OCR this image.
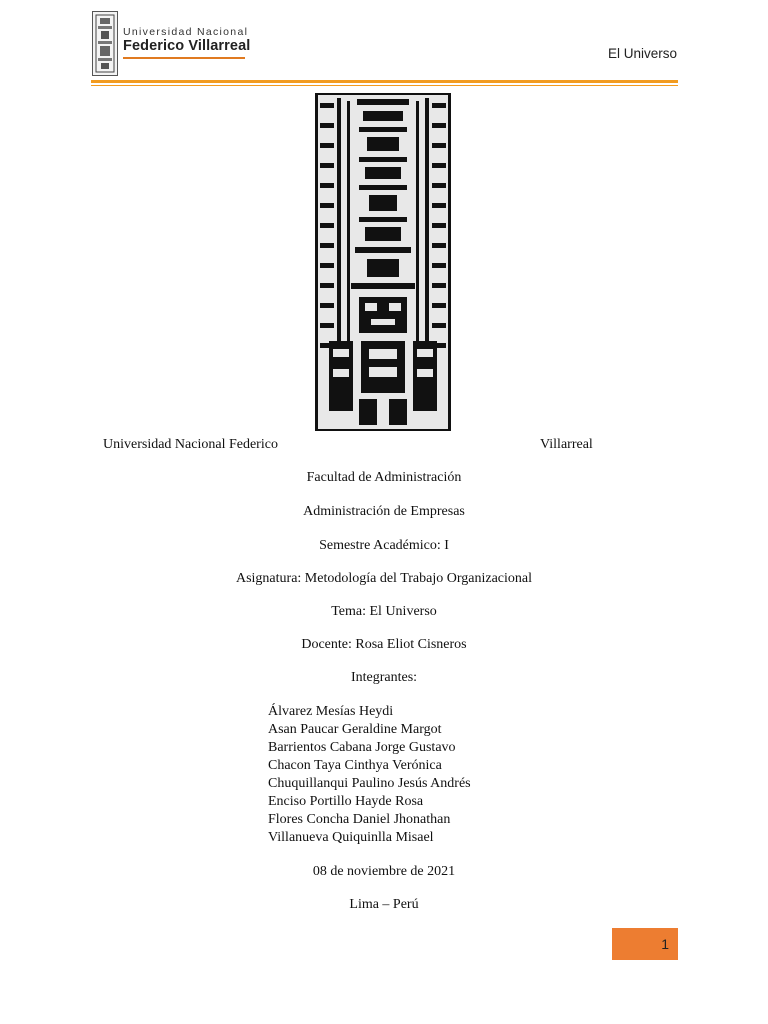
Universidad Nacional
Federico Villarreal	El Universo
Universidad Nacional Federico	Villarreal
Facultad de Administración
Administración de Empresas
Semestre Académico: I
Asignatura: Metodología del Trabajo Organizacional
Tema: El Universo
Docente: Rosa Eliot Cisneros
Integrantes:
Álvarez Mesías Heydi
Asan Paucar Geraldine Margot
Barrientos Cabana Jorge Gustavo
Chacon Taya Cinthya Verónica
Chuquillanqui Paulino Jesús Andrés
Enciso Portillo Hayde Rosa
Flores Concha Daniel Jhonathan
Villanueva Quiquinlla Misael
08 de noviembre de 2021
Lima – Perú
1
